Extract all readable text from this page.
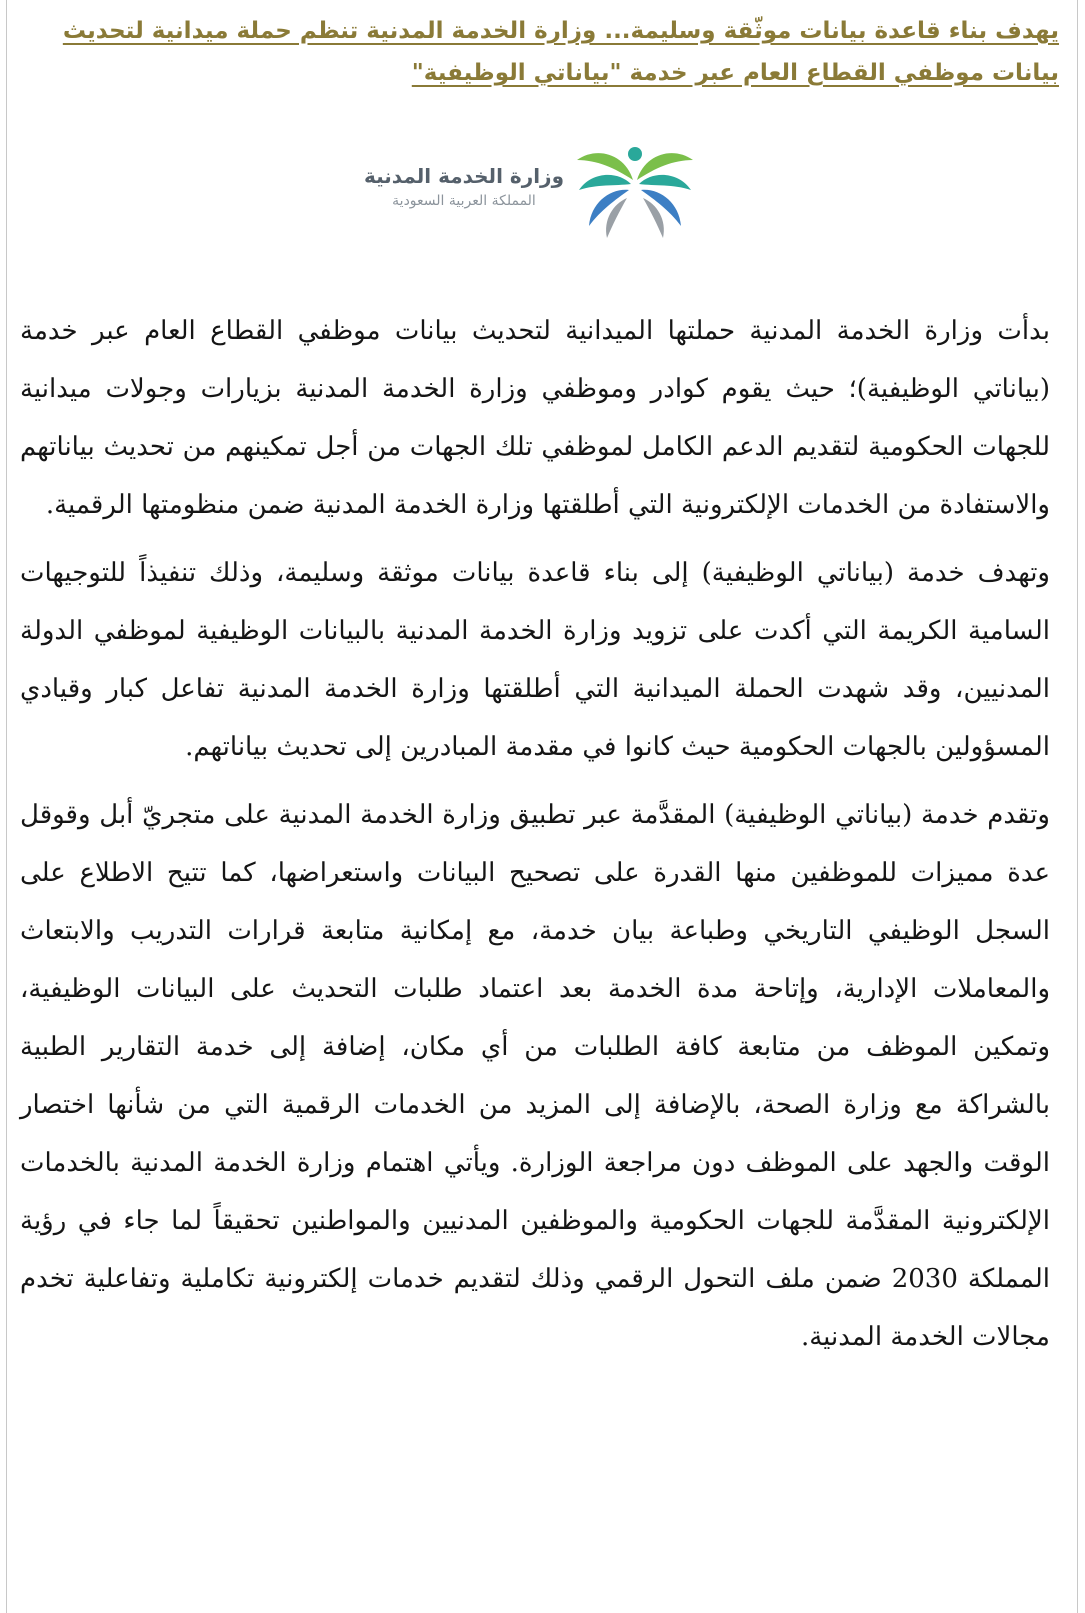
يهدف بناء قاعدة بيانات موثّقة وسليمة... وزارة الخدمة المدنية تنظم حملة ميدانية لتحديث بيانات موظفي القطاع العام عبر خدمة "بياناتي الوظيفية"
وزارة الخدمة المدنية
المملكة العربية السعودية

بدأت وزارة الخدمة المدنية حملتها الميدانية لتحديث بيانات موظفي القطاع العام عبر خدمة (بياناتي الوظيفية)؛ حيث يقوم كوادر وموظفي وزارة الخدمة المدنية بزيارات وجولات ميدانية للجهات الحكومية لتقديم الدعم الكامل لموظفي تلك الجهات من أجل تمكينهم من تحديث بياناتهم والاستفادة من الخدمات الإلكترونية التي أطلقتها وزارة الخدمة المدنية ضمن منظومتها الرقمية.

وتهدف خدمة (بياناتي الوظيفية) إلى بناء قاعدة بيانات موثقة وسليمة، وذلك تنفيذاً للتوجيهات السامية الكريمة التي أكدت على تزويد وزارة الخدمة المدنية بالبيانات الوظيفية لموظفي الدولة المدنيين، وقد شهدت الحملة الميدانية التي أطلقتها وزارة الخدمة المدنية تفاعل كبار وقيادي المسؤولين بالجهات الحكومية حيث كانوا في مقدمة المبادرين إلى تحديث بياناتهم.

وتقدم خدمة (بياناتي الوظيفية) المقدَّمة عبر تطبيق وزارة الخدمة المدنية على متجريّ أبل وقوقل عدة مميزات للموظفين منها القدرة على تصحيح البيانات واستعراضها، كما تتيح الاطلاع على السجل الوظيفي التاريخي وطباعة بيان خدمة، مع إمكانية متابعة قرارات التدريب والابتعاث والمعاملات الإدارية، وإتاحة مدة الخدمة بعد اعتماد طلبات التحديث على البيانات الوظيفية، وتمكين الموظف من متابعة كافة الطلبات من أي مكان، إضافة إلى خدمة التقارير الطبية بالشراكة مع وزارة الصحة، بالإضافة إلى المزيد من الخدمات الرقمية التي من شأنها اختصار الوقت والجهد على الموظف دون مراجعة الوزارة. ويأتي اهتمام وزارة الخدمة المدنية بالخدمات الإلكترونية المقدَّمة للجهات الحكومية والموظفين المدنيين والمواطنين تحقيقاً لما جاء في رؤية المملكة 2030 ضمن ملف التحول الرقمي وذلك لتقديم خدمات إلكترونية تكاملية وتفاعلية تخدم مجالات الخدمة المدنية.
